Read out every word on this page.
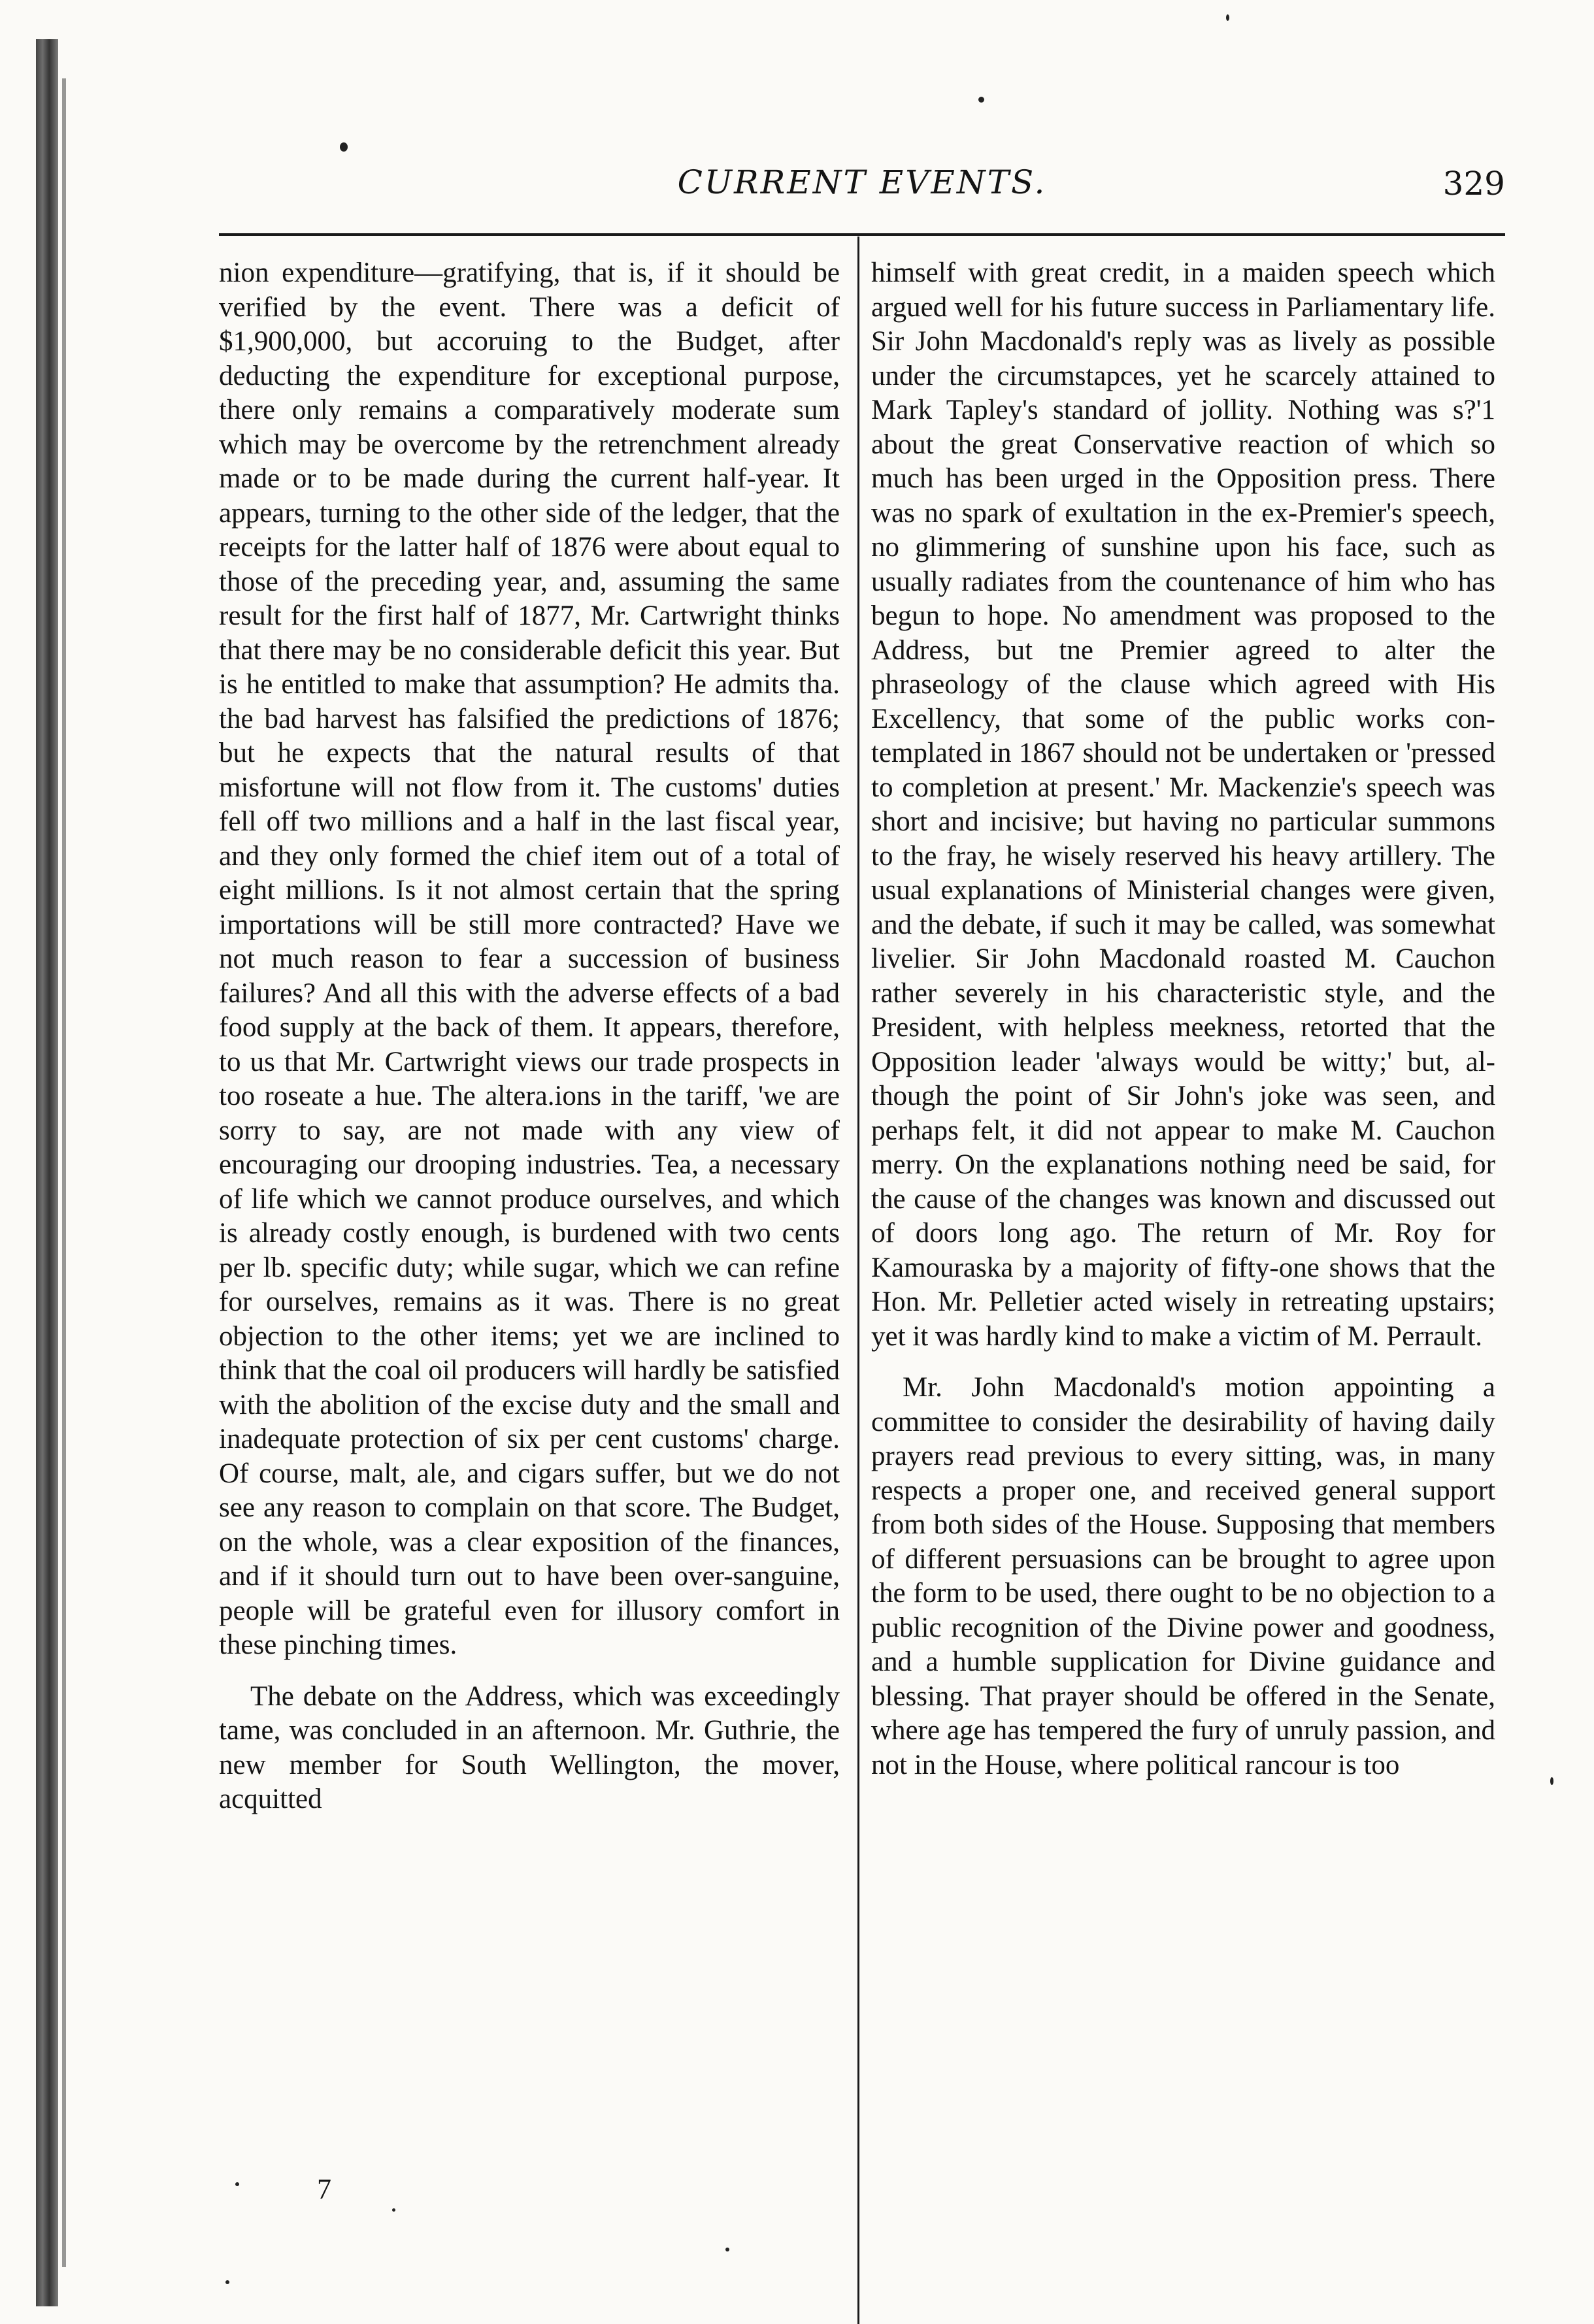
CURRENT EVENTS.	329

nion expenditure—gratifying, that is, if it should be verified by the event. There was a deficit of $1,900,000, but accoruing to the Budget, after deducting the expenditure for exceptional purpose, there only remains a comparatively moderate sum which may be overcome by the retrenchment already made or to be made during the current half-year. It appears, turning to the other side of the ledger, that the receipts for the latter half of 1876 were about equal to those of the preceding year, and, assuming the same result for the first half of 1877, Mr. Cartwright thinks that there may be no considerable deficit this year. But is he entitled to make that assumption? He admits tha. the bad harvest has falsified the predictions of 1876; but he expects that the natural results of that misfortune will not flow from it. The customs' duties fell off two millions and a half in the last fiscal year, and they only formed the chief item out of a total of eight millions. Is it not almost certain that the spring importations will be still more contracted? Have we not much reason to fear a succession of business failures? And all this with the adverse effects of a bad food supply at the back of them. It appears, therefore, to us that Mr. Cartwright views our trade prospects in too roseate a hue. The altera.ions in the tariff, 'we are sorry to say, are not made with any view of encouraging our drooping industries. Tea, a necessary of life which we cannot produce ourselves, and which is already costly enough, is burdened with two cents per lb. specific duty; while sugar, which we can refine for ourselves, remains as it was. There is no great objection to the other items; yet we are inclined to think that the coal oil producers will hardly be satisfied with the abolition of the excise duty and the small and inadequate protection of six per cent customs' charge. Of course, malt, ale, and cigars suffer, but we do not see any reason to complain on that score. The Budget, on the whole, was a clear exposition of the finances, and if it should turn out to have been over-sanguine, people will be grateful even for illusory comfort in these pinching times.

The debate on the Address, which was exceedingly tame, was concluded in an afternoon. Mr. Guthrie, the new member for South Wellington, the mover, acquitted

himself with great credit, in a maiden speech which argued well for his future success in Parliamentary life. Sir John Macdonald's reply was as lively as possible under the circumstapces, yet he scarcely attained to Mark Tapley's standard of jollity. Nothing was s?'1 about the great Conservative reaction of which so much has been urged in the Opposition press. There was no spark of exultation in the ex-Premier's speech, no glimmering of sunshine upon his face, such as usually radiates from the countenance of him who has begun to hope. No amendment was proposed to the Address, but tne Premier agreed to alter the phraseology of the clause which agreed with His Excellency, that some of the public works contemplated in 1867 should not be undertaken or 'pressed to completion at present.' Mr. Mackenzie's speech was short and incisive; but having no particular summons to the fray, he wisely reserved his heavy artillery. The usual explanations of Ministerial changes were given, and the debate, if such it may be called, was somewhat livelier. Sir John Macdonald roasted M. Cauchon rather severely in his characteristic style, and the President, with helpless meekness, retorted that the Opposition leader 'always would be witty;' but, although the point of Sir John's joke was seen, and perhaps felt, it did not appear to make M. Cauchon merry. On the explanations nothing need be said, for the cause of the changes was known and discussed out of doors long ago. The return of Mr. Roy for Kamouraska by a majority of fifty-one shows that the Hon. Mr. Pelletier acted wisely in retreating upstairs; yet it was hardly kind to make a victim of M. Perrault.

Mr. John Macdonald's motion appointing a committee to consider the desirability of having daily prayers read previous to every sitting, was, in many respects a proper one, and received general support from both sides of the House. Supposing that members of different persuasions can be brought to agree upon the form to be used, there ought to be no objection to a public recognition of the Divine power and goodness, and a humble supplication for Divine guidance and blessing. That prayer should be offered in the Senate, where age has tempered the fury of unruly passion, and not in the House, where political rancour is too

7
